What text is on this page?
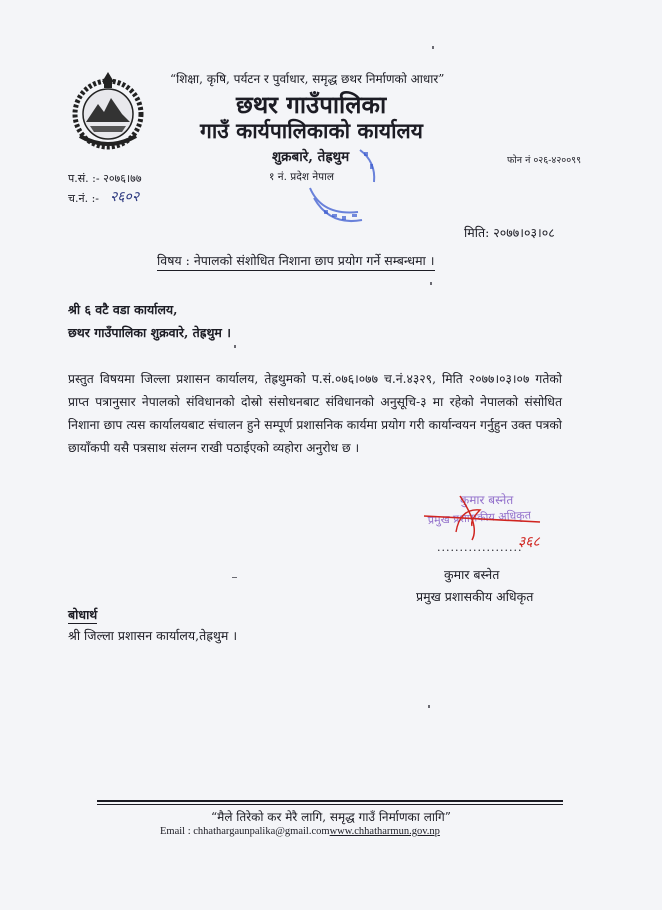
“शिक्षा, कृषि, पर्यटन र पुर्वाधार, समृद्ध छथर निर्माणको आधार”
छथर गाउँपालिका
गाउँ कार्यपालिकाको कार्यालय
शुक्रबारे, तेह्रथुम	फोन नं ०२६-४२००९९
प.सं. :- २०७६।७७
च.नं. :- २६०२
१ नं. प्रदेश नेपाल
मिति: २०७७।०३।०८
विषय : नेपालको संशोधित निशाना छाप प्रयोग गर्ने सम्बन्धमा ।
श्री ६ वटै वडा कार्यालय,
छथर गाउँपालिका शुक्रवारे, तेह्रथुम ।
प्रस्तुत विषयमा जिल्ला प्रशासन कार्यालय, तेह्रथुमको प.सं.०७६।०७७ च.नं.४३२९, मिति २०७७।०३।०७ गतेको प्राप्त पत्रानुसार नेपालको संविधानको दोस्रो संसोधनबाट संविधानको अनुसूचि-३ मा रहेको नेपालको संसोधित निशाना छाप त्यस कार्यालयबाट संचालन हुने सम्पूर्ण प्रशासनिक कार्यमा प्रयोग गरी कार्यान्वयन गर्नुहुन उक्त पत्रको छायाँकपी यसै पत्रसाथ संलग्न राखी पठाईएको व्यहोरा अनुरोध छ ।
कुमार बस्नेत
प्रमुख प्रशासकीय अधिकृत
३६८
...................
कुमार बस्नेत
प्रमुख प्रशासकीय अधिकृत
बोधार्थ
श्री जिल्ला प्रशासन कार्यालय,तेह्रथुम ।
“मैले तिरेको कर मेरै लागि, समृद्ध गाउँ निर्माणका लागि”
Email : chhathargaunpalika@gmail.comwww.chhatharmun.gov.np
